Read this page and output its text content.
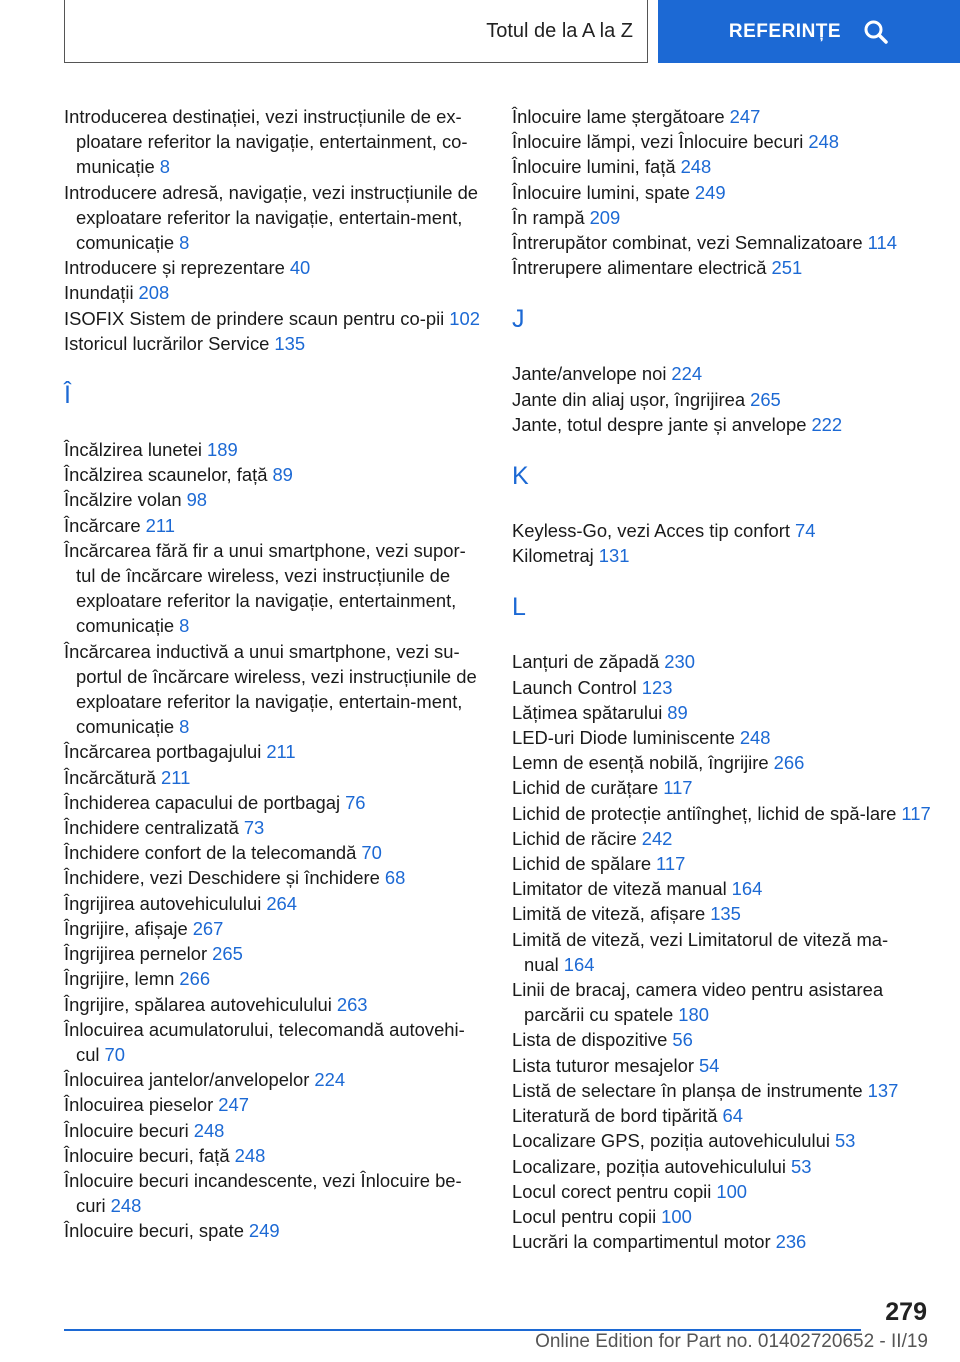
Totul de la A la Z	REFERINȚE

Introducerea destinației, vezi instrucțiunile de ex-ploatare referitor la navigație, entertainment, co-municație 8

Introducere adresă, navigație, vezi instrucțiunile de exploatare referitor la navigație, entertain-ment, comunicație 8

Introducere și reprezentare 40

Inundații 208

ISOFIX Sistem de prindere scaun pentru co-pii 102

Istoricul lucrărilor Service 135

Î

Încălzirea lunetei 189

Încălzirea scaunelor, față 89

Încălzire volan 98

Încărcare 211

Încărcarea fără fir a unui smartphone, vezi supor-tul de încărcare wireless, vezi instrucțiunile de exploatare referitor la navigație, entertainment, comunicație 8

Încărcarea inductivă a unui smartphone, vezi su-portul de încărcare wireless, vezi instrucțiunile de exploatare referitor la navigație, entertain-ment, comunicație 8

Încărcarea portbagajului 211

Încărcătură 211

Închiderea capacului de portbagaj 76

Închidere centralizată 73

Închidere confort de la telecomandă 70

Închidere, vezi Deschidere și închidere 68

Îngrijirea autovehiculului 264

Îngrijire, afișaje 267

Îngrijirea pernelor 265

Îngrijire, lemn 266

Îngrijire, spălarea autovehiculului 263

Înlocuirea acumulatorului, telecomandă autovehi-cul 70

Înlocuirea jantelor/anvelopelor 224

Înlocuirea pieselor 247

Înlocuire becuri 248

Înlocuire becuri, față 248

Înlocuire becuri incandescente, vezi Înlocuire be-curi 248

Înlocuire becuri, spate 249

Înlocuire lame ștergătoare 247

Înlocuire lămpi, vezi Înlocuire becuri 248

Înlocuire lumini, față 248

Înlocuire lumini, spate 249

În rampă 209

Întrerupător combinat, vezi Semnalizatoare 114

Întrerupere alimentare electrică 251

J

Jante/anvelope noi 224

Jante din aliaj ușor, îngrijirea 265

Jante, totul despre jante și anvelope 222

K

Keyless-Go, vezi Acces tip confort 74

Kilometraj 131

L

Lanțuri de zăpadă 230

Launch Control 123

Lățimea spătarului 89

LED-uri Diode luminiscente 248

Lemn de esență nobilă, îngrijire 266

Lichid de curățare 117

Lichid de protecție antiîngheț, lichid de spă-lare 117

Lichid de răcire 242

Lichid de spălare 117

Limitator de viteză manual 164

Limită de viteză, afișare 135

Limită de viteză, vezi Limitatorul de viteză ma-nual 164

Linii de bracaj, camera video pentru asistarea parcării cu spatele 180

Lista de dispozitive 56

Lista tuturor mesajelor 54

Listă de selectare în planșa de instrumente 137

Literatură de bord tipărită 64

Localizare GPS, poziția autovehiculului 53

Localizare, poziția autovehiculului 53

Locul corect pentru copii 100

Locul pentru copii 100

Lucrări la compartimentul motor 236

279
Online Edition for Part no. 01402720652 - II/19
